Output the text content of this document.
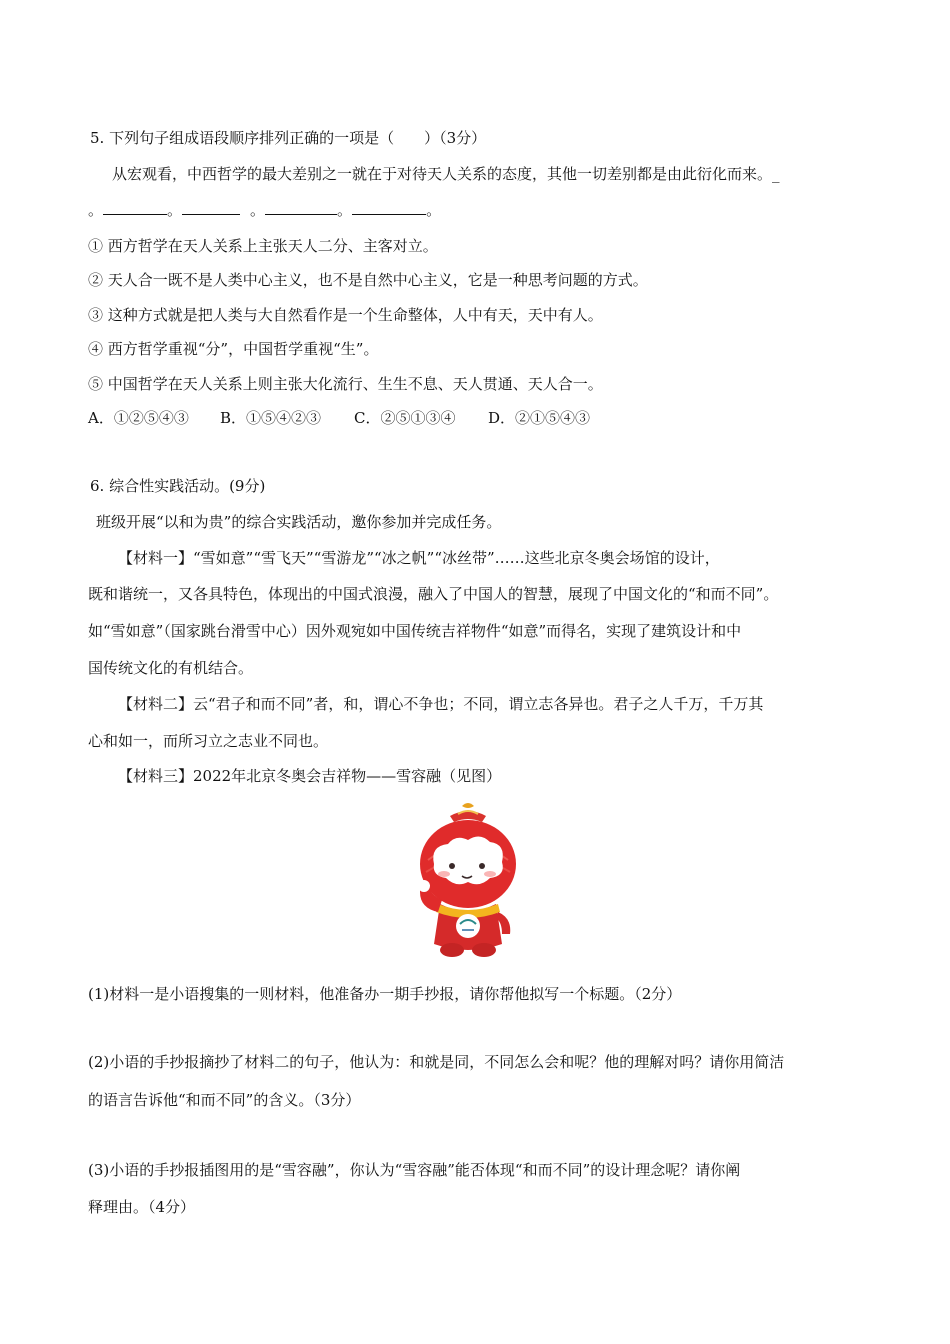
5. 下列句子组成语段顺序排列正确的一项是（　　）（3分）
从宏观看，中西哲学的最大差别之一就在于对待天人关系的态度，其他一切差别都是由此衍化而来。_
。	。	。	。	。
① 西方哲学在天人关系上主张天人二分、主客对立。
② 天人合一既不是人类中心主义，也不是自然中心主义，它是一种思考问题的方式。
③ 这种方式就是把人类与大自然看作是一个生命整体，人中有天，天中有人。
④ 西方哲学重视“分”，中国哲学重视“生”。
⑤ 中国哲学在天人关系上则主张大化流行、生生不息、天人贯通、天人合一。
A．①②⑤④③ B．①⑤④②③ C．②⑤①③④ D．②①⑤④③
6. 综合性实践活动。(9分)
班级开展“以和为贵”的综合实践活动，邀你参加并完成任务。
【材料一】“雪如意”“雪飞天”“雪游龙”“冰之帆”“冰丝带”……这些北京冬奥会场馆的设计，
既和谐统一，又各具特色，体现出的中国式浪漫，融入了中国人的智慧，展现了中国文化的“和而不同”。
如“雪如意”（国家跳台滑雪中心）因外观宛如中国传统吉祥物件“如意”而得名，实现了建筑设计和中
国传统文化的有机结合。
【材料二】云“君子和而不同”者，和，谓心不争也；不同，谓立志各异也。君子之人千万，千万其
心和如一，而所习立之志业不同也。
【材料三】2022年北京冬奥会吉祥物——雪容融（见图）
(1)材料一是小语搜集的一则材料，他准备办一期手抄报，请你帮他拟写一个标题。（2分）
(2)小语的手抄报摘抄了材料二的句子，他认为：和就是同，不同怎么会和呢？他的理解对吗？请你用简洁
的语言告诉他“和而不同”的含义。（3分）
(3)小语的手抄报插图用的是“雪容融”，你认为“雪容融”能否体现“和而不同”的设计理念呢？请你阐
释理由。（4分）
